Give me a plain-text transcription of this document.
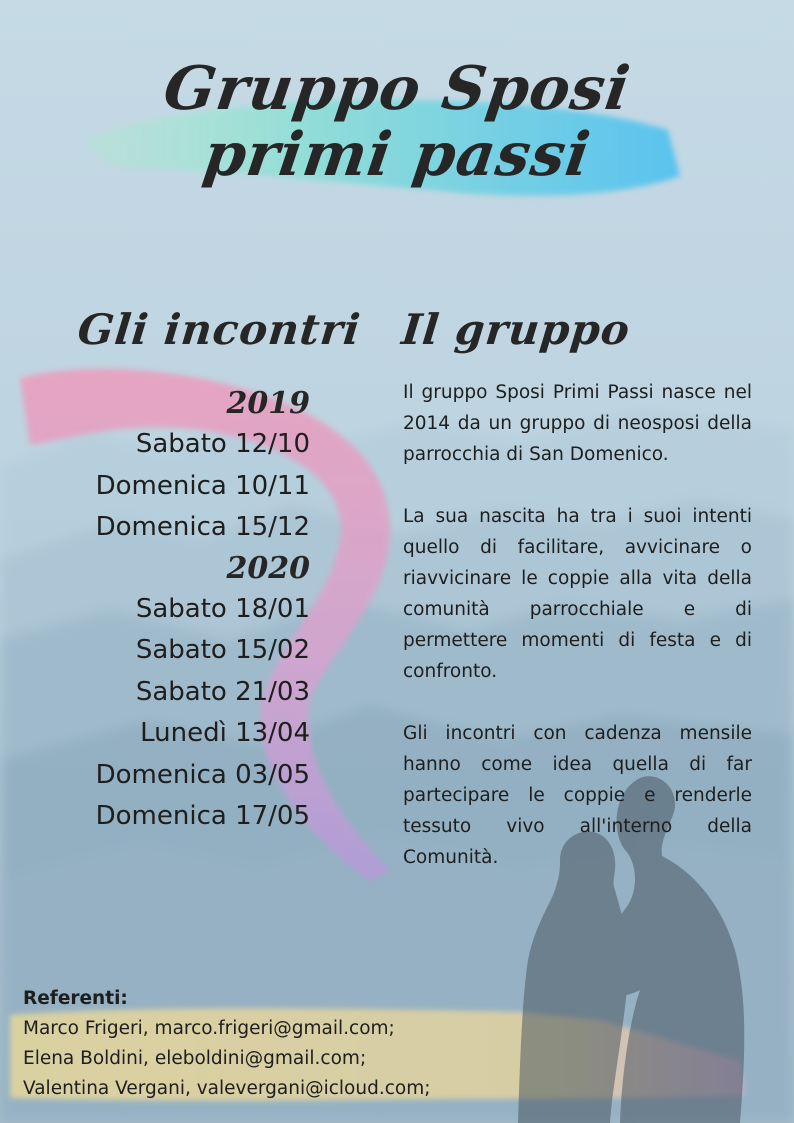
Gruppo Sposi
primi passi
Gli incontri Il gruppo
2019
Sabato 12/10
Domenica 10/11
Domenica 15/12
2020
Sabato 18/01
Sabato 15/02
Sabato 21/03
Lunedì 13/04
Domenica 03/05
Domenica 17/05

Il gruppo Sposi Primi Passi nasce nel 2014 da un gruppo di neosposi della parrocchia di San Domenico.

La sua nascita ha tra i suoi intenti quello di facilitare, avvicinare o riavvicinare le coppie alla vita della comunità parrocchiale e di permettere momenti di festa e di confronto.

Gli incontri con cadenza mensile hanno come idea quella di far partecipare le coppie e renderle tessuto vivo all'interno della Comunità.

Referenti:
Marco Frigeri, marco.frigeri@gmail.com;
Elena Boldini, eleboldini@gmail.com;
Valentina Vergani, valevergani@icloud.com;
